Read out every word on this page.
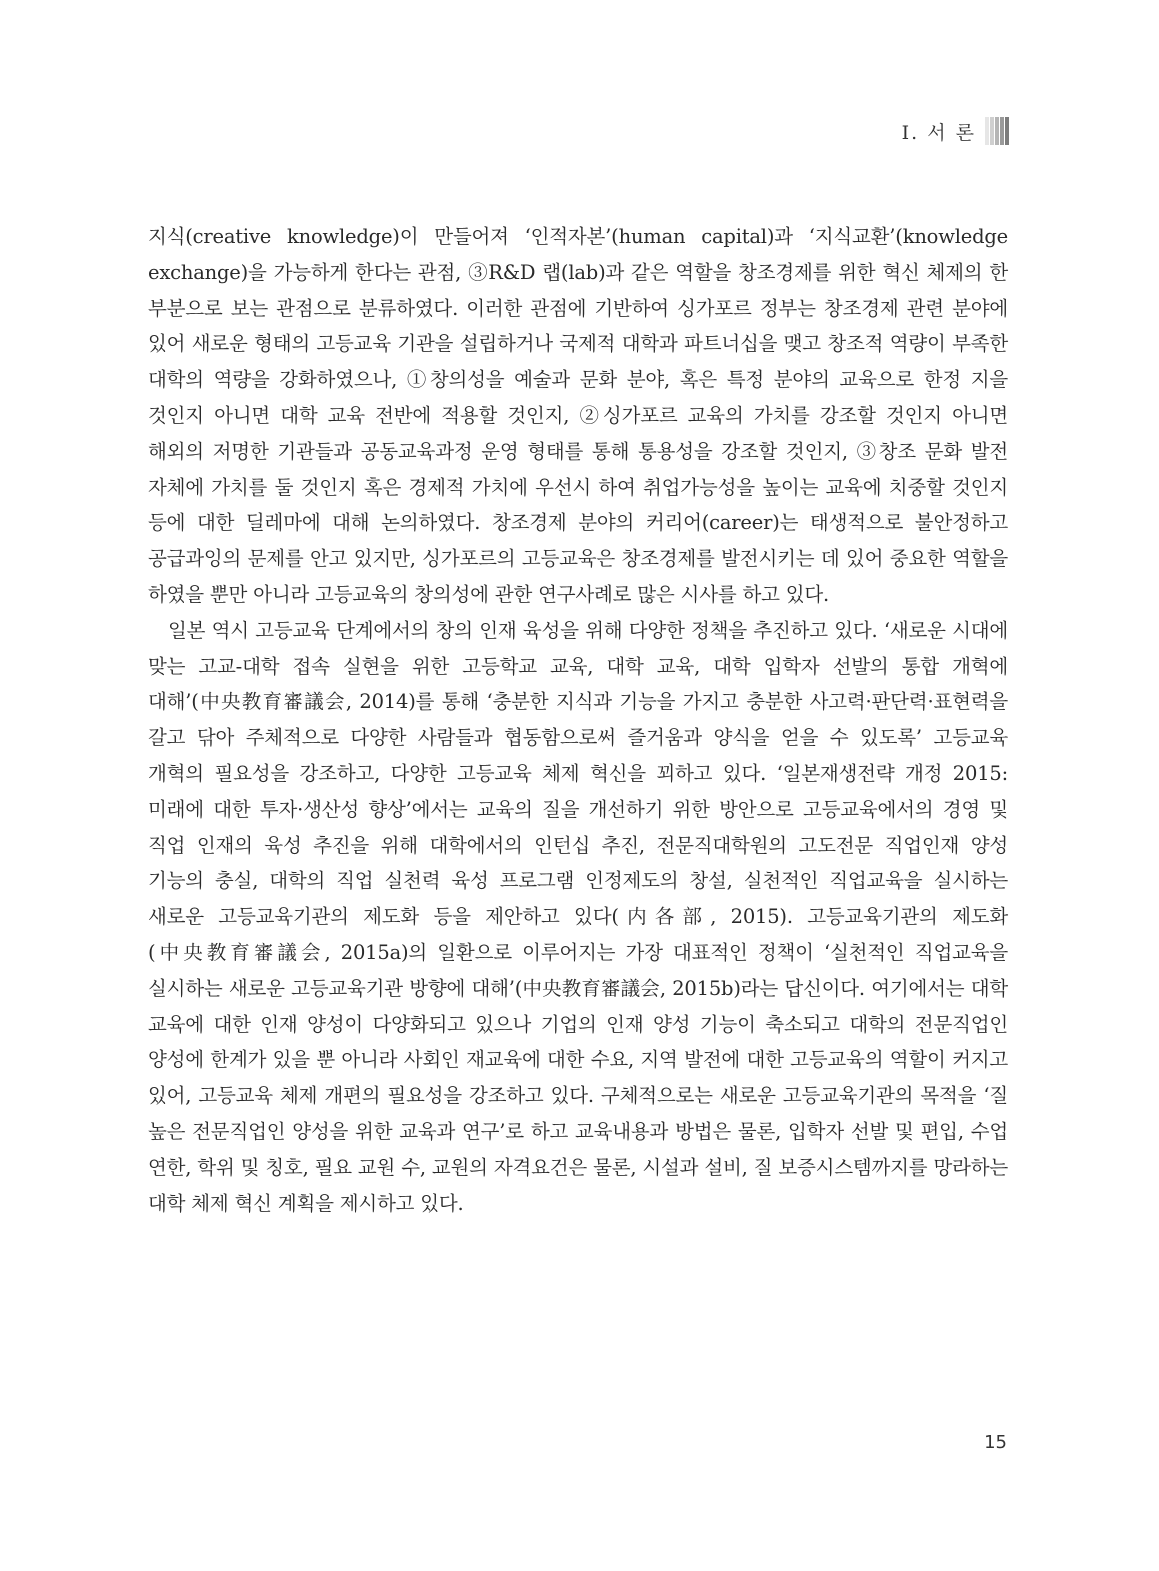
Ⅰ. 서 론

지식(creative knowledge)이 만들어져 ‘인적자본’(human capital)과 ‘지식교환’(knowledge exchange)을 가능하게 한다는 관점, ③R&D 랩(lab)과 같은 역할을 창조경제를 위한 혁신 체제의 한 부분으로 보는 관점으로 분류하였다. 이러한 관점에 기반하여 싱가포르 정부는 창조경제 관련 분야에 있어 새로운 형태의 고등교육 기관을 설립하거나 국제적 대학과 파트너십을 맺고 창조적 역량이 부족한 대학의 역량을 강화하였으나, ①창의성을 예술과 문화 분야, 혹은 특정 분야의 교육으로 한정 지을 것인지 아니면 대학 교육 전반에 적용할 것인지, ②싱가포르 교육의 가치를 강조할 것인지 아니면 해외의 저명한 기관들과 공동교육과정 운영 형태를 통해 통용성을 강조할 것인지, ③창조 문화 발전 자체에 가치를 둘 것인지 혹은 경제적 가치에 우선시 하여 취업가능성을 높이는 교육에 치중할 것인지 등에 대한 딜레마에 대해 논의하였다. 창조경제 분야의 커리어(career)는 태생적으로 불안정하고 공급과잉의 문제를 안고 있지만, 싱가포르의 고등교육은 창조경제를 발전시키는 데 있어 중요한 역할을 하였을 뿐만 아니라 고등교육의 창의성에 관한 연구사례로 많은 시사를 하고 있다.

일본 역시 고등교육 단계에서의 창의 인재 육성을 위해 다양한 정책을 추진하고 있다. ‘새로운 시대에 맞는 고교-대학 접속 실현을 위한 고등학교 교육, 대학 교육, 대학 입학자 선발의 통합 개혁에 대해’(中央教育審議会, 2014)를 통해 ‘충분한 지식과 기능을 가지고 충분한 사고력·판단력·표현력을 갈고 닦아 주체적으로 다양한 사람들과 협동함으로써 즐거움과 양식을 얻을 수 있도록’ 고등교육 개혁의 필요성을 강조하고, 다양한 고등교육 체제 혁신을 꾀하고 있다. ‘일본재생전략 개정 2015: 미래에 대한 투자·생산성 향상’에서는 교육의 질을 개선하기 위한 방안으로 고등교육에서의 경영 및 직업 인재의 육성 추진을 위해 대학에서의 인턴십 추진, 전문직대학원의 고도전문 직업인재 양성 기능의 충실, 대학의 직업 실천력 육성 프로그램 인정제도의 창설, 실천적인 직업교육을 실시하는 새로운 고등교육기관의 제도화 등을 제안하고 있다(内各部, 2015). 고등교육기관의 제도화(中央教育審議会, 2015a)의 일환으로 이루어지는 가장 대표적인 정책이 ‘실천적인 직업교육을 실시하는 새로운 고등교육기관 방향에 대해’(中央教育審議会, 2015b)라는 답신이다. 여기에서는 대학 교육에 대한 인재 양성이 다양화되고 있으나 기업의 인재 양성 기능이 축소되고 대학의 전문직업인 양성에 한계가 있을 뿐 아니라 사회인 재교육에 대한 수요, 지역 발전에 대한 고등교육의 역할이 커지고 있어, 고등교육 체제 개편의 필요성을 강조하고 있다. 구체적으로는 새로운 고등교육기관의 목적을 ‘질 높은 전문직업인 양성을 위한 교육과 연구’로 하고 교육내용과 방법은 물론, 입학자 선발 및 편입, 수업 연한, 학위 및 칭호, 필요 교원 수, 교원의 자격요건은 물론, 시설과 설비, 질 보증시스템까지를 망라하는 대학 체제 혁신 계획을 제시하고 있다.

15
